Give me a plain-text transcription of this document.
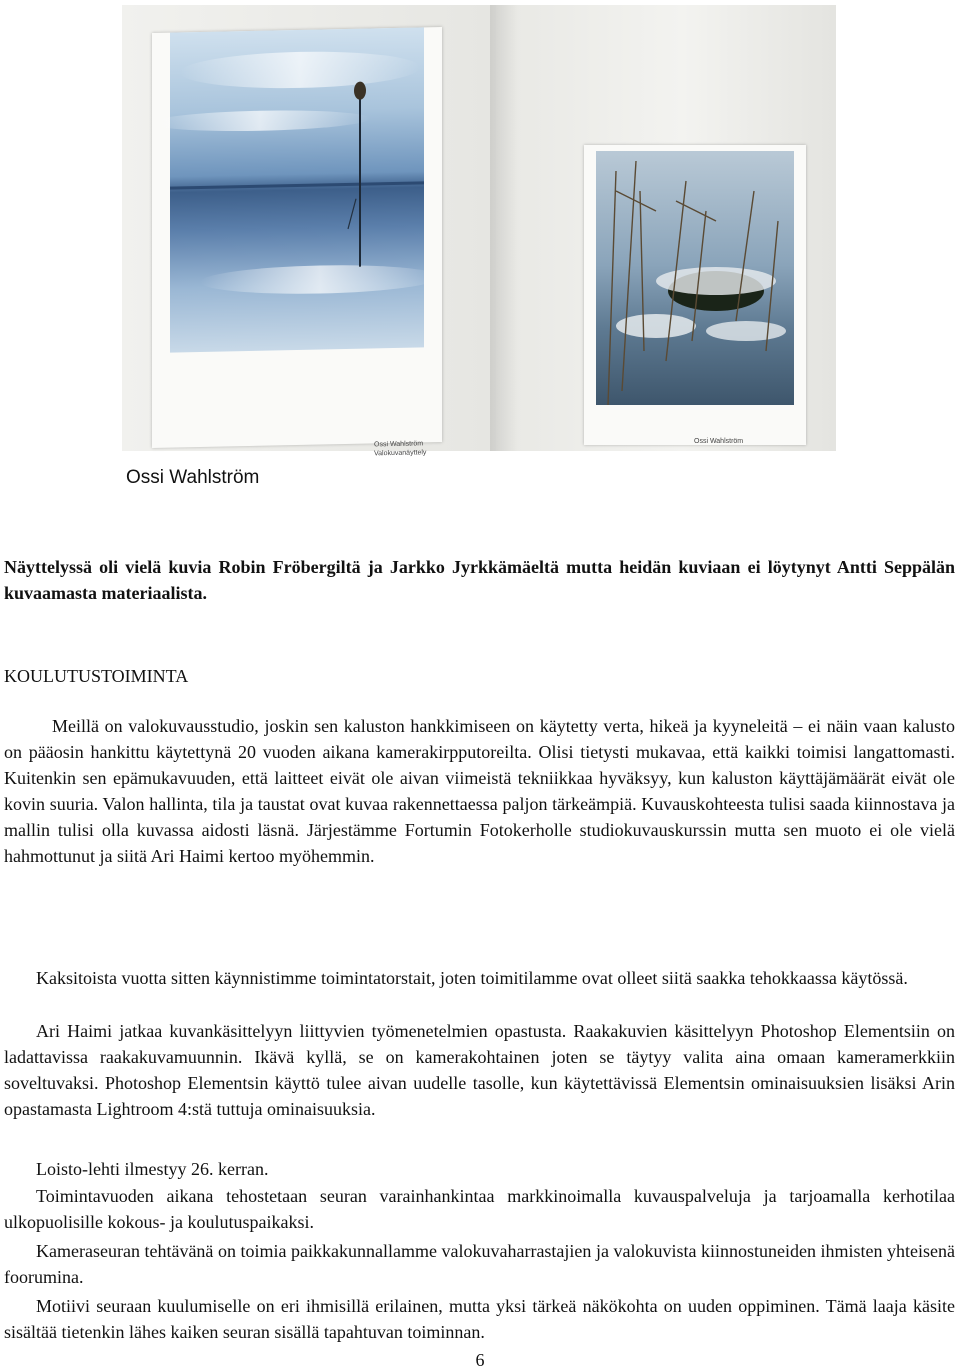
Ossi Wahlström
Valokuvanäyttely
Ossi Wahlström
Ossi Wahlström

Näyttelyssä oli vielä kuvia Robin Fröbergiltä ja Jarkko Jyrkkämäeltä mutta heidän kuviaan ei löytynyt Antti Seppälän kuvaamasta materiaalista.

KOULUTUSTOIMINTA

Meillä on valokuvausstudio, joskin sen kaluston hankkimiseen on käytetty verta, hikeä ja kyyneleitä – ei näin vaan kalusto on pääosin hankittu käytettynä 20 vuoden aikana kamerakirpputoreilta. Olisi tietysti mukavaa, että kaikki toimisi langattomasti. Kuitenkin sen epämukavuuden, että laitteet eivät ole aivan viimeistä tekniikkaa hyväksyy, kun kaluston käyttäjämäärät eivät ole kovin suuria. Valon hallinta, tila ja taustat ovat kuvaa rakennettaessa paljon tärkeämpiä. Kuvauskohteesta tulisi saada kiinnostava ja mallin tulisi olla kuvassa aidosti läsnä. Järjestämme Fortumin Fotokerholle studiokuvauskurssin mutta sen muoto ei ole vielä hahmottunut ja siitä Ari Haimi kertoo myöhemmin.

Kaksitoista vuotta sitten käynnistimme toimintatorstait, joten toimitilamme ovat olleet siitä saakka tehokkaassa käytössä.

Ari Haimi jatkaa kuvankäsittelyyn liittyvien työmenetelmien opastusta. Raakakuvien käsittelyyn Photoshop Elementsiin on ladattavissa raakakuvamuunnin. Ikävä kyllä, se on kamerakohtainen joten se täytyy valita aina omaan kameramerkkiin soveltuvaksi. Photoshop Elementsin käyttö tulee aivan uudelle tasolle, kun käytettävissä Elementsin ominaisuuksien lisäksi Arin opastamasta Lightroom 4:stä tuttuja ominaisuuksia.

Loisto-lehti ilmestyy 26. kerran.

Toimintavuoden aikana tehostetaan seuran varainhankintaa markkinoimalla kuvauspalveluja ja tarjoamalla kerhotilaa ulkopuolisille kokous- ja koulutuspaikaksi.

Kameraseuran tehtävänä on toimia paikkakunnallamme valokuvaharrastajien ja valokuvista kiinnostuneiden ihmisten yhteisenä foorumina.

Motiivi seuraan kuulumiselle on eri ihmisillä erilainen, mutta yksi tärkeä näkökohta on uuden oppiminen. Tämä laaja käsite sisältää tietenkin lähes kaiken seuran sisällä tapahtuvan toiminnan.

6
